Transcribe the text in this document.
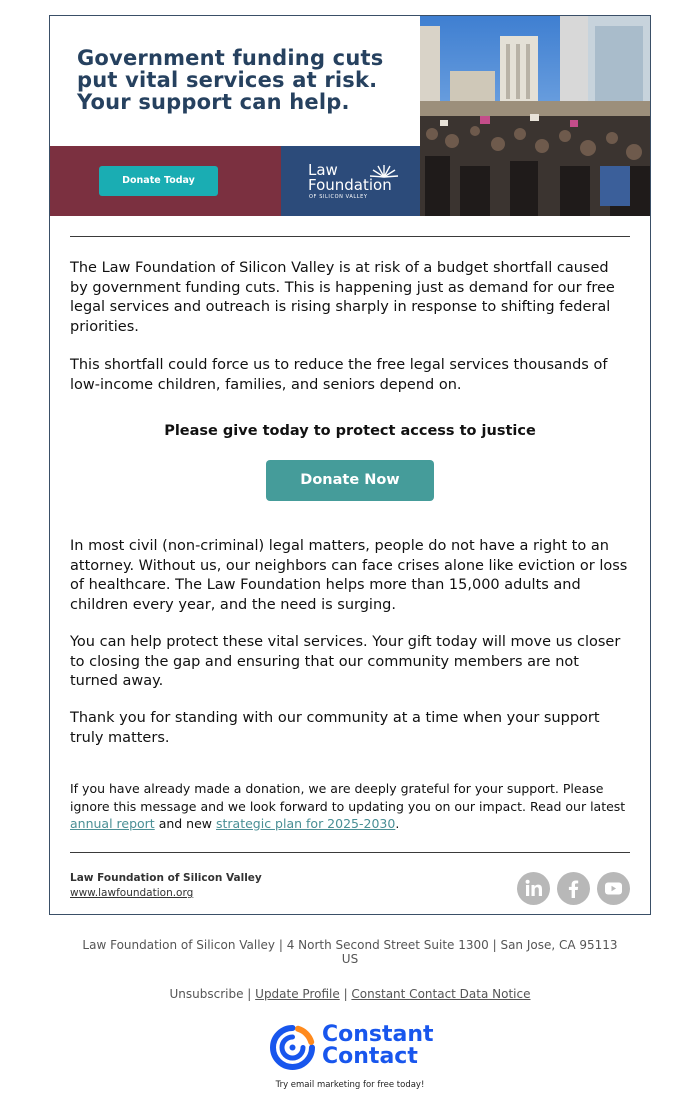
Government funding cuts
put vital services at risk.
Your support can help.
Donate Today
Law
Foundation
OF SILICON VALLEY
The Law Foundation of Silicon Valley is at risk of a budget shortfall caused by government funding cuts. This is happening just as demand for our free legal services and outreach is rising sharply in response to shifting federal priorities.
This shortfall could force us to reduce the free legal services thousands of low-income children, families, and seniors depend on.
Please give today to protect access to justice
Donate Now
In most civil (non-criminal) legal matters, people do not have a right to an attorney. Without us, our neighbors can face crises alone like eviction or loss of healthcare. The Law Foundation helps more than 15,000 adults and children every year, and the need is surging.
You can help protect these vital services. Your gift today will move us closer to closing the gap and ensuring that our community members are not turned away.
Thank you for standing with our community at a time when your support truly matters.
If you have already made a donation, we are deeply grateful for your support. Please ignore this message and we look forward to updating you on our impact. Read our latest annual report and new strategic plan for 2025-2030.
Law Foundation of Silicon Valley
www.lawfoundation.org
Law Foundation of Silicon Valley | 4 North Second Street Suite 1300 | San Jose, CA 95113
US
Unsubscribe | Update Profile | Constant Contact Data Notice
Constant
Contact
Try email marketing for free today!
